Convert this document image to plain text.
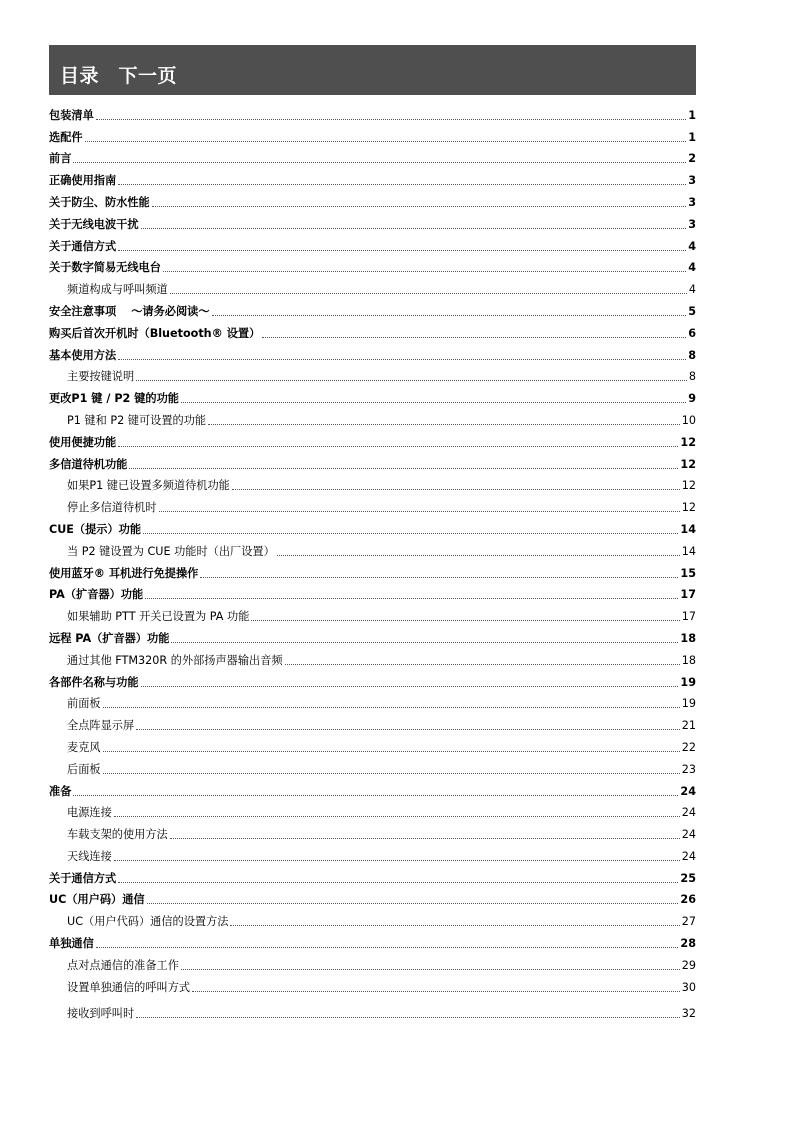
目录　下一页
包装清单	1
选配件	1
前言	2
正确使用指南	3
关于防尘、防水性能	3
关于无线电波干扰	3
关于通信方式	4
关于数字简易无线电台	4
频道构成与呼叫频道	4
安全注意事项　 ～请务必阅读～	5
购买后首次开机时（Bluetooth® 设置）	6
基本使用方法	8
主要按键说明	8
更改P1 键 / P2 键的功能	9
P1 键和 P2 键可设置的功能	10
使用便捷功能	12
多信道待机功能	12
如果P1 键已设置多频道待机功能	12
停止多信道待机时	12
CUE（提示）功能	14
当 P2 键设置为 CUE 功能时（出厂设置）	14
使用蓝牙® 耳机进行免提操作	15
PA（扩音器）功能	17
如果辅助 PTT 开关已设置为 PA 功能	17
远程 PA（扩音器）功能	18
通过其他 FTM320R 的外部扬声器输出音频	18
各部件名称与功能	19
前面板	19
全点阵显示屏	21
麦克风	22
后面板	23
准备	24
电源连接	24
车载支架的使用方法	24
天线连接	24
关于通信方式	25
UC（用户码）通信	26
UC（用户代码）通信的设置方法	27
单独通信	28
点对点通信的准备工作	29
设置单独通信的呼叫方式	30
接收到呼叫时	32
